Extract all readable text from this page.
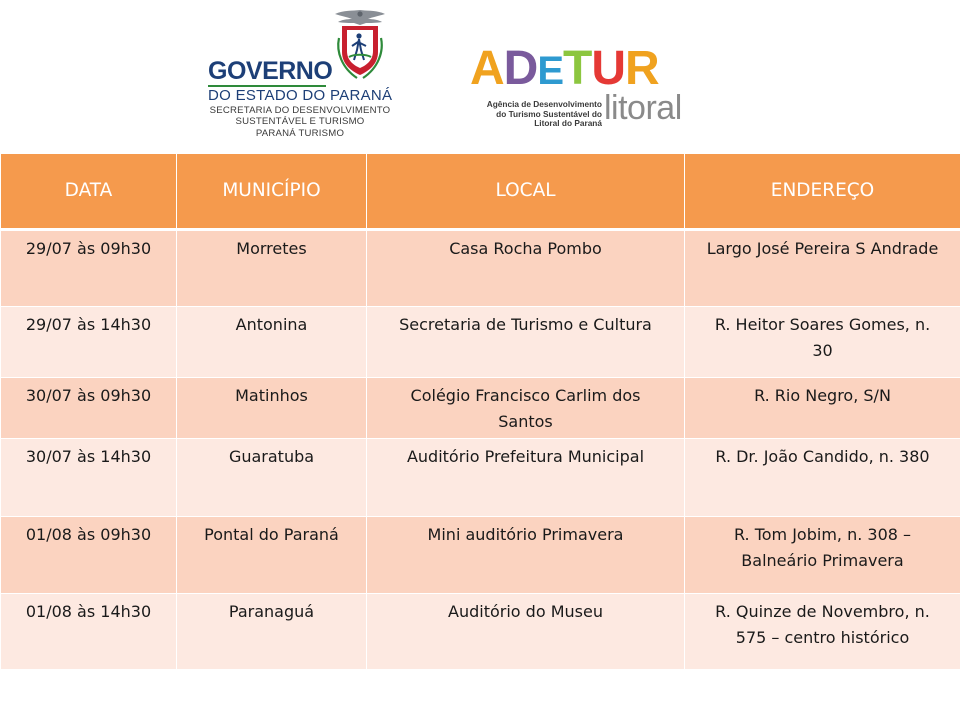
GOVERNO
DO ESTADO DO PARANÁ
SECRETARIA DO DESENVOLVIMENTO
SUSTENTÁVEL E TURISMO
PARANÁ TURISMO
ADETUR
Agência de Desenvolvimento
do Turismo Sustentável do
Litoral do Paraná litoral
DATA	MUNICÍPIO	LOCAL	ENDEREÇO
29/07 às 09h30	Morretes	Casa Rocha Pombo	Largo José Pereira S Andrade
29/07 às 14h30	Antonina	Secretaria de Turismo e Cultura	R. Heitor Soares Gomes, n. 30
30/07 às 09h30	Matinhos	Colégio Francisco Carlim dos Santos	R. Rio Negro, S/N
30/07 às 14h30	Guaratuba	Auditório Prefeitura Municipal	R. Dr. João Candido, n. 380
01/08 às 09h30	Pontal do Paraná	Mini auditório Primavera	R. Tom Jobim, n. 308 – Balneário Primavera
01/08 às 14h30	Paranaguá	Auditório do Museu	R. Quinze de Novembro, n. 575 – centro histórico
